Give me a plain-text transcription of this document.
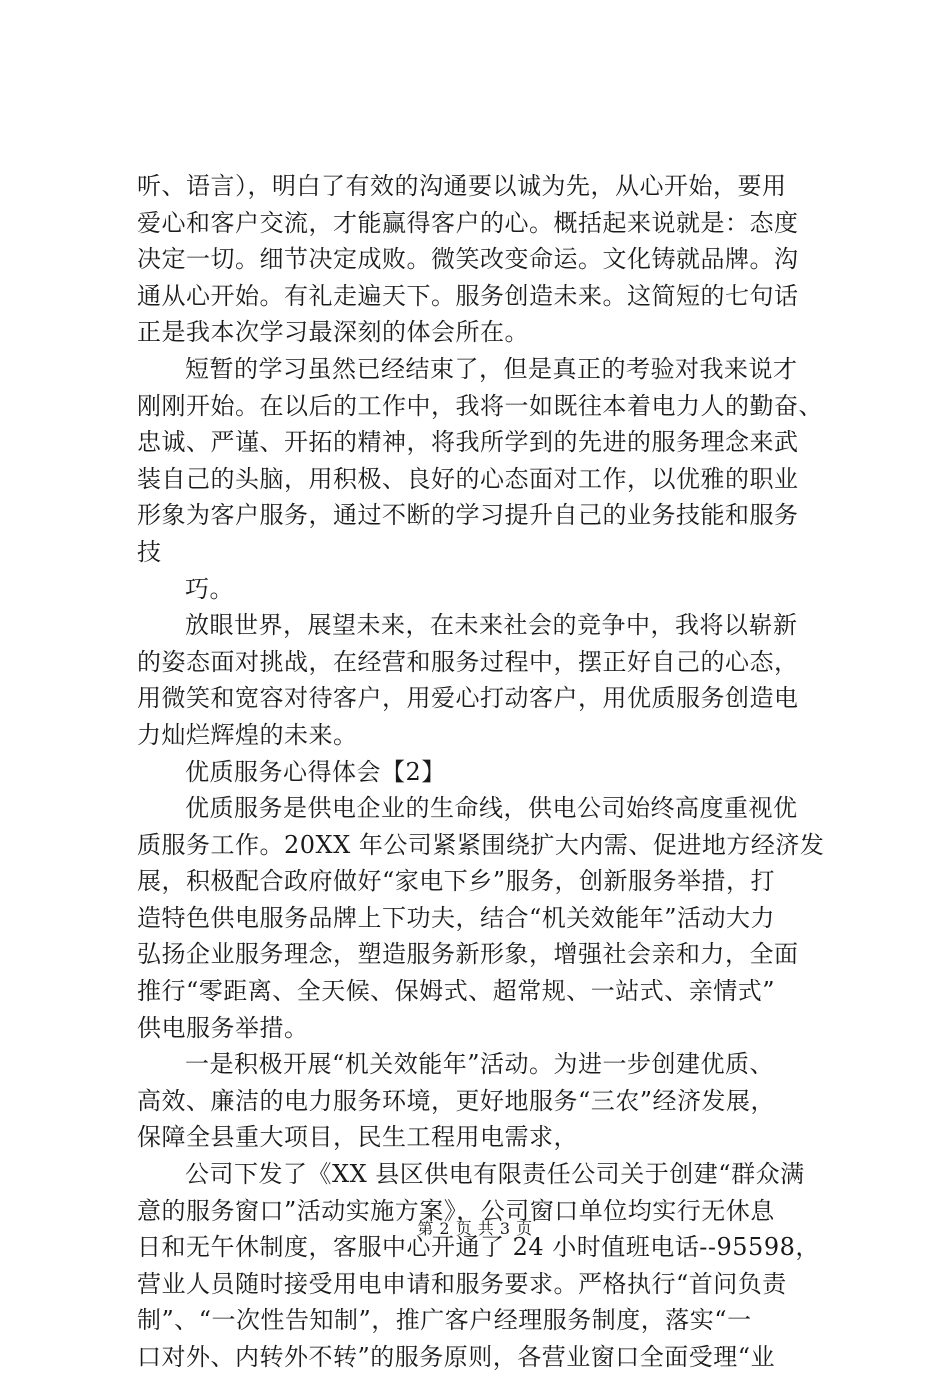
听、语言），明白了有效的沟通要以诚为先，从心开始，要用
爱心和客户交流，才能赢得客户的心。概括起来说就是：态度
决定一切。细节决定成败。微笑改变命运。文化铸就品牌。沟
通从心开始。有礼走遍天下。服务创造未来。这简短的七句话
正是我本次学习最深刻的体会所在。
短暂的学习虽然已经结束了，但是真正的考验对我来说才
刚刚开始。在以后的工作中，我将一如既往本着电力人的勤奋、
忠诚、严谨、开拓的精神，将我所学到的先进的服务理念来武
装自己的头脑，用积极、良好的心态面对工作，以优雅的职业
形象为客户服务，通过不断的学习提升自己的业务技能和服务
技
巧。
放眼世界，展望未来，在未来社会的竞争中，我将以崭新
的姿态面对挑战，在经营和服务过程中，摆正好自己的心态，
用微笑和宽容对待客户，用爱心打动客户，用优质服务创造电
力灿烂辉煌的未来。
优质服务心得体会【2】
优质服务是供电企业的生命线，供电公司始终高度重视优
质服务工作。20XX 年公司紧紧围绕扩大内需、促进地方经济发
展，积极配合政府做好“家电下乡”服务，创新服务举措，打
造特色供电服务品牌上下功夫，结合“机关效能年”活动大力
弘扬企业服务理念，塑造服务新形象，增强社会亲和力，全面
推行“零距离、全天候、保姆式、超常规、一站式、亲情式”
供电服务举措。
一是积极开展“机关效能年”活动。为进一步创建优质、
高效、廉洁的电力服务环境，更好地服务“三农”经济发展，
保障全县重大项目，民生工程用电需求，
公司下发了《XX 县区供电有限责任公司关于创建“群众满
意的服务窗口”活动实施方案》，公司窗口单位均实行无休息
日和无午休制度，客服中心开通了 24 小时值班电话--95598，
营业人员随时接受用电申请和服务要求。严格执行“首问负责
制”、“一次性告知制”，推广客户经理服务制度，落实“一
口对外、内转外不转”的服务原则，各营业窗口全面受理“业
第 2 页 共 3 页
